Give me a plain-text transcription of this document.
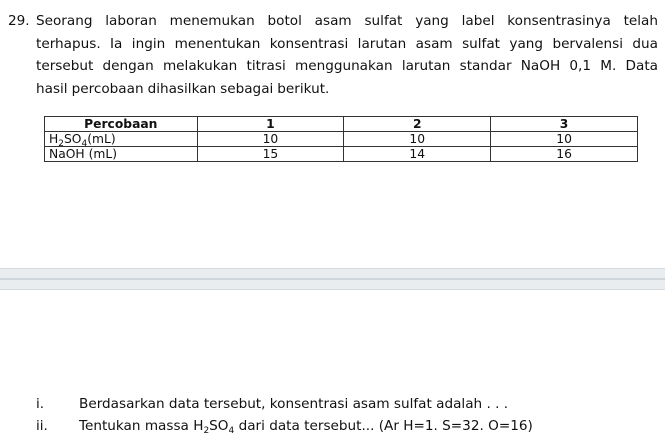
29. Seorang laboran menemukan botol asam sulfat yang label konsentrasinya telah
terhapus. Ia ingin menentukan konsentrasi larutan asam sulfat yang bervalensi dua
tersebut dengan melakukan titrasi menggunakan larutan standar NaOH 0,1 M. Data
hasil percobaan dihasilkan sebagai berikut.
Percobaan	1	2	3
$H_2SO_4(mL)$	10	10	10
NaOH (mL)	15	14	16
i.	Berdasarkan data tersebut, konsentrasi asam sulfat adalah . . .
ii. Tentukan massa $H_2SO_4$ dari data tersebut... (Ar H=1. S=32. O=16)
